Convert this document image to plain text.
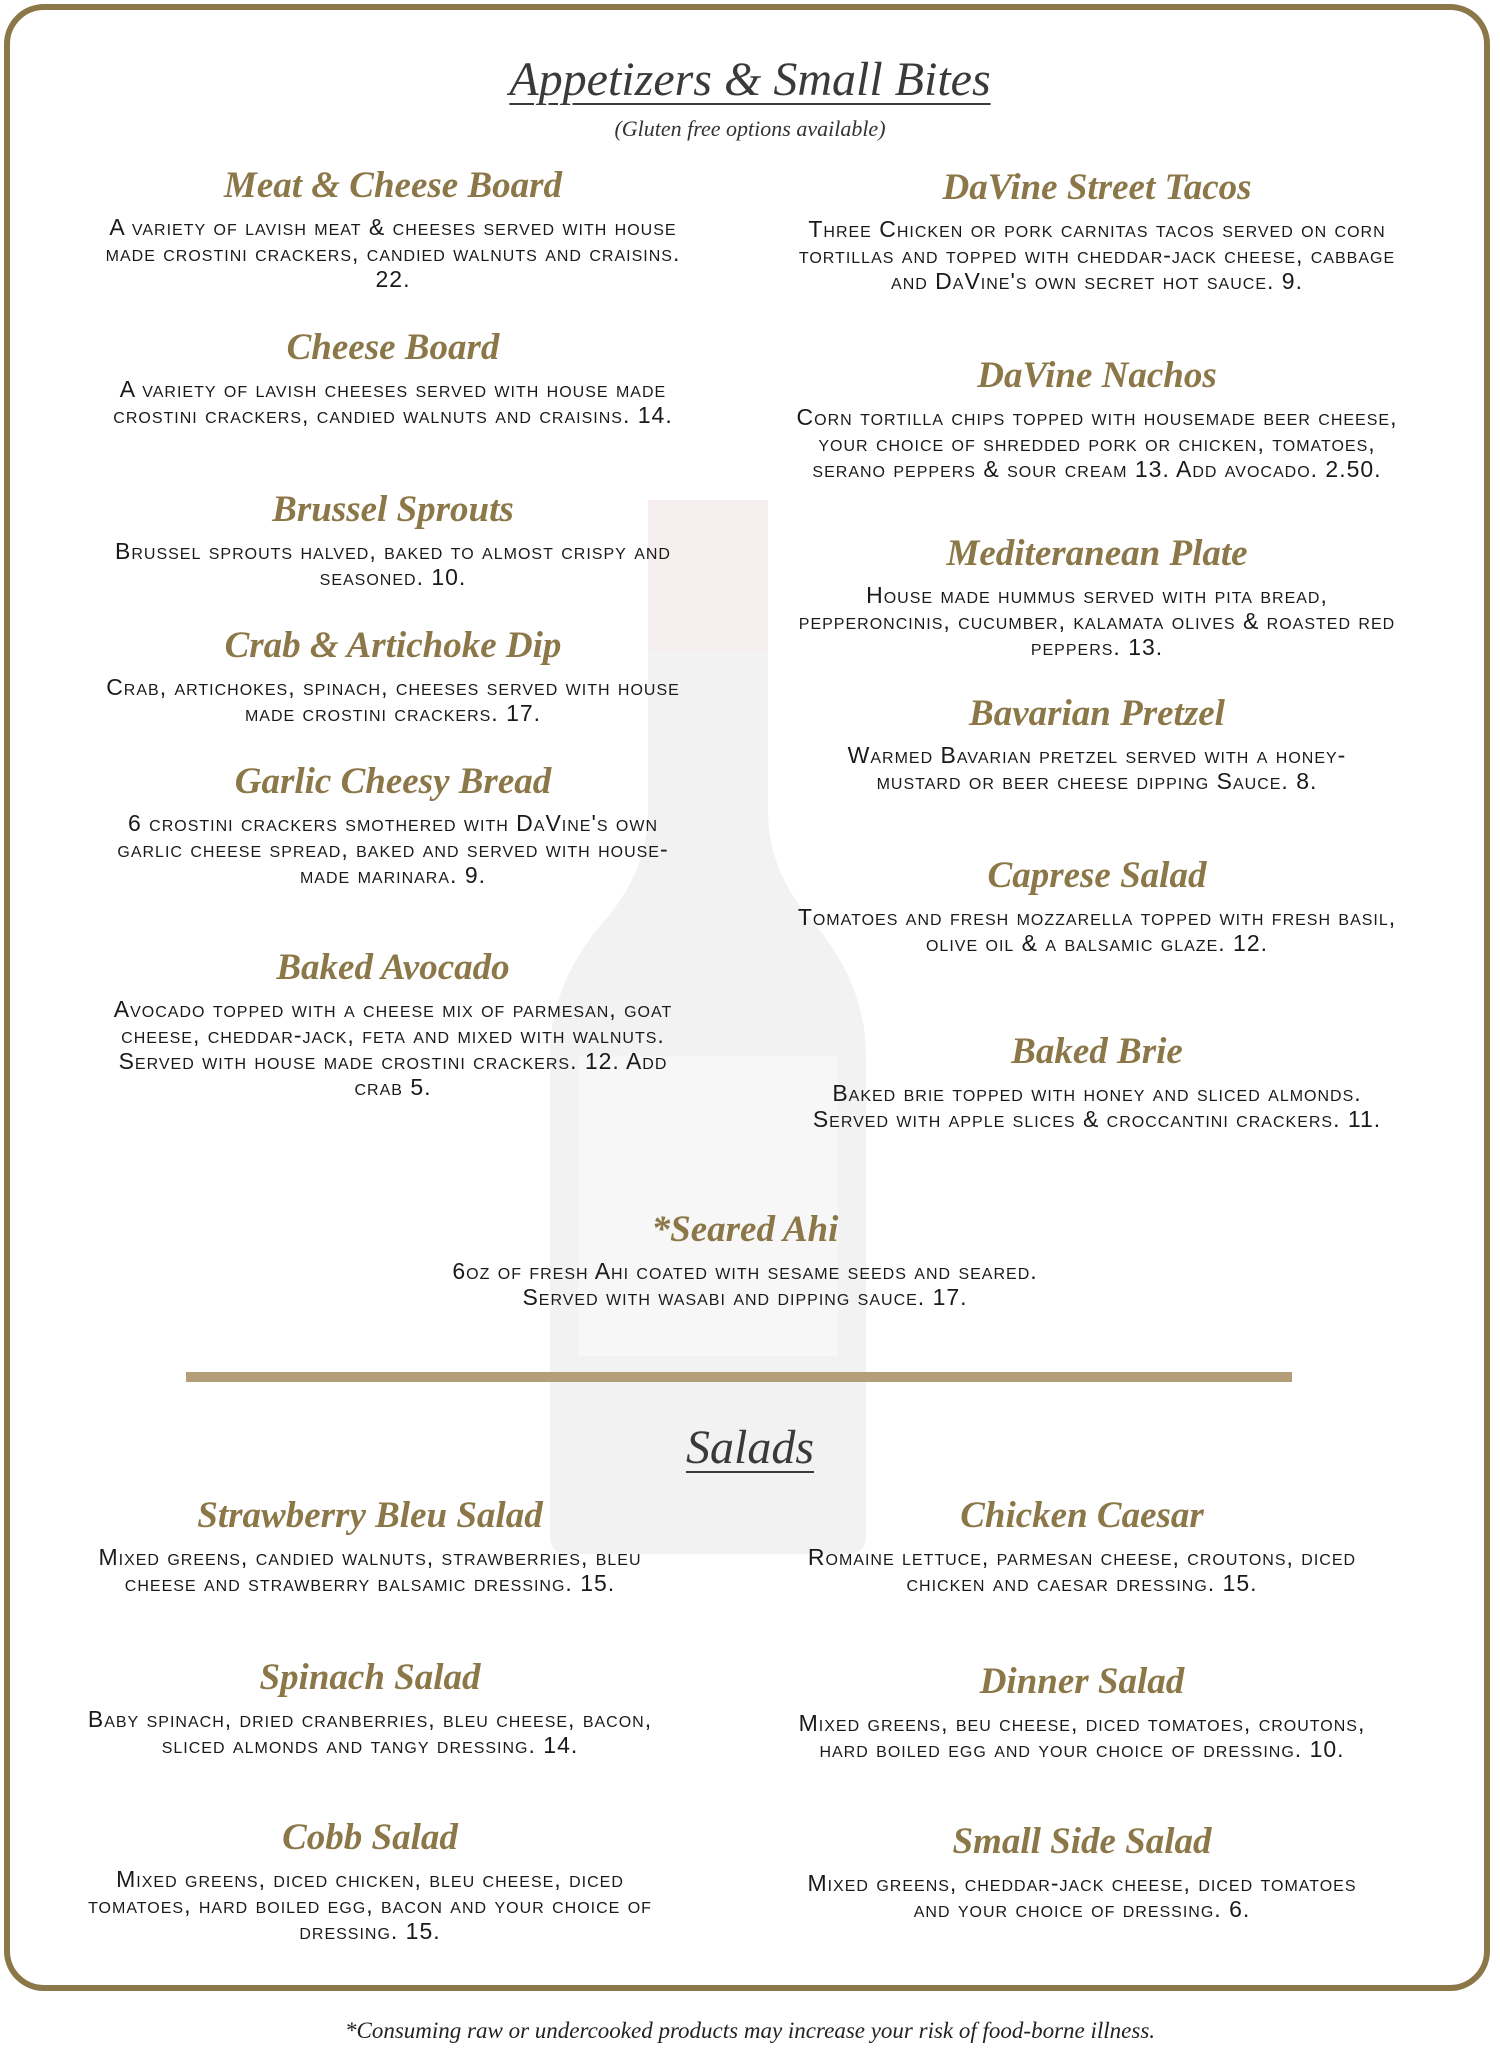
Appetizers & Small Bites
(Gluten free options available)
Meat & Cheese Board
A variety of lavish meat & cheeses served with house made crostini crackers, candied walnuts and craisins. 22.
Cheese Board
A variety of lavish cheeses served with house made crostini crackers, candied walnuts and craisins. 14.
Brussel Sprouts
Brussel sprouts halved, baked to almost crispy and seasoned. 10.
Crab & Artichoke Dip
Crab, artichokes, spinach, cheeses served with house made crostini crackers. 17.
Garlic Cheesy Bread
6 crostini crackers smothered with DaVine's own garlic cheese spread, baked and served with house-made marinara. 9.
Baked Avocado
Avocado topped with a cheese mix of parmesan, goat cheese, cheddar-jack, feta and mixed with walnuts. Served with house made crostini crackers. 12. Add crab 5.
DaVine Street Tacos
Three Chicken or pork carnitas tacos served on corn tortillas and topped with cheddar-jack cheese, cabbage and DaVine's own secret hot sauce. 9.
DaVine Nachos
Corn tortilla chips topped with housemade beer cheese, your choice of shredded pork or chicken, tomatoes, serano peppers & sour cream 13. Add avocado. 2.50.
Mediteranean Plate
House made hummus served with pita bread, pepperoncinis, cucumber, kalamata olives & roasted red peppers. 13.
Bavarian Pretzel
Warmed Bavarian pretzel served with a honey-mustard or beer cheese dipping Sauce. 8.
Caprese Salad
Tomatoes and fresh mozzarella topped with fresh basil, olive oil & a balsamic glaze. 12.
Baked Brie
Baked brie topped with honey and sliced almonds. Served with apple slices & croccantini crackers. 11.
*Seared Ahi
6oz of fresh Ahi coated with sesame seeds and seared. Served with wasabi and dipping sauce. 17.
Salads
Strawberry Bleu Salad
Mixed greens, candied walnuts, strawberries, bleu cheese and strawberry balsamic dressing. 15.
Spinach Salad
Baby spinach, dried cranberries, bleu cheese, bacon, sliced almonds and tangy dressing. 14.
Cobb Salad
Mixed greens, diced chicken, bleu cheese, diced tomatoes, hard boiled egg, bacon and your choice of dressing. 15.
Chicken Caesar
Romaine lettuce, parmesan cheese, croutons, diced chicken and caesar dressing. 15.
Dinner Salad
Mixed greens, beu cheese, diced tomatoes, croutons, hard boiled egg and your choice of dressing. 10.
Small Side Salad
Mixed greens, cheddar-jack cheese, diced tomatoes and your choice of dressing. 6.
*Consuming raw or undercooked products may increase your risk of food-borne illness.
